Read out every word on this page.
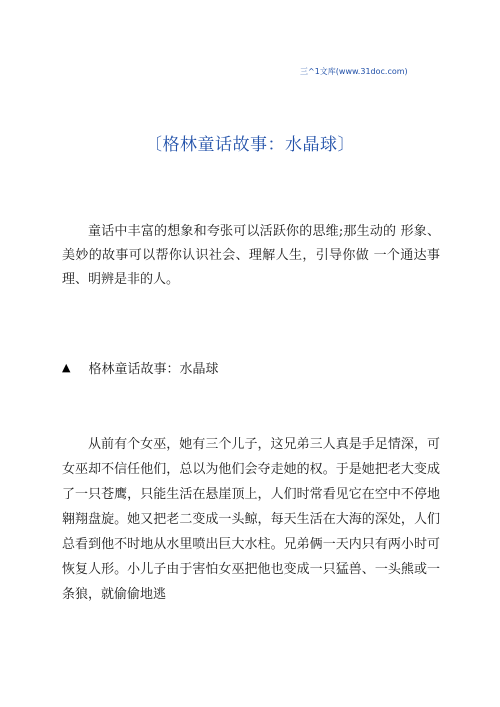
三^1文库(www.31doc.com)
〔格林童话故事：水晶球〕

童话中丰富的想象和夸张可以活跃你的思维;那生动的 形象、美妙的故事可以帮你认识社会、理解人生，引导你做 一个通达事理、明辨是非的人。

▲ 格林童话故事：水晶球

从前有个女巫，她有三个儿子，这兄弟三人真是手足情深，可女巫却不信任他们，总以为他们会夺走她的权。于是她把老大变成了一只苍鹰，只能生活在悬崖顶上，人们时常看见它在空中不停地翱翔盘旋。她又把老二变成一头鲸，每天生活在大海的深处，人们总看到他不时地从水里喷出巨大水柱。兄弟俩一天内只有两小时可恢复人形。小儿子由于害怕女巫把他也变成一只猛兽、一头熊或一条狼，就偷偷地逃
